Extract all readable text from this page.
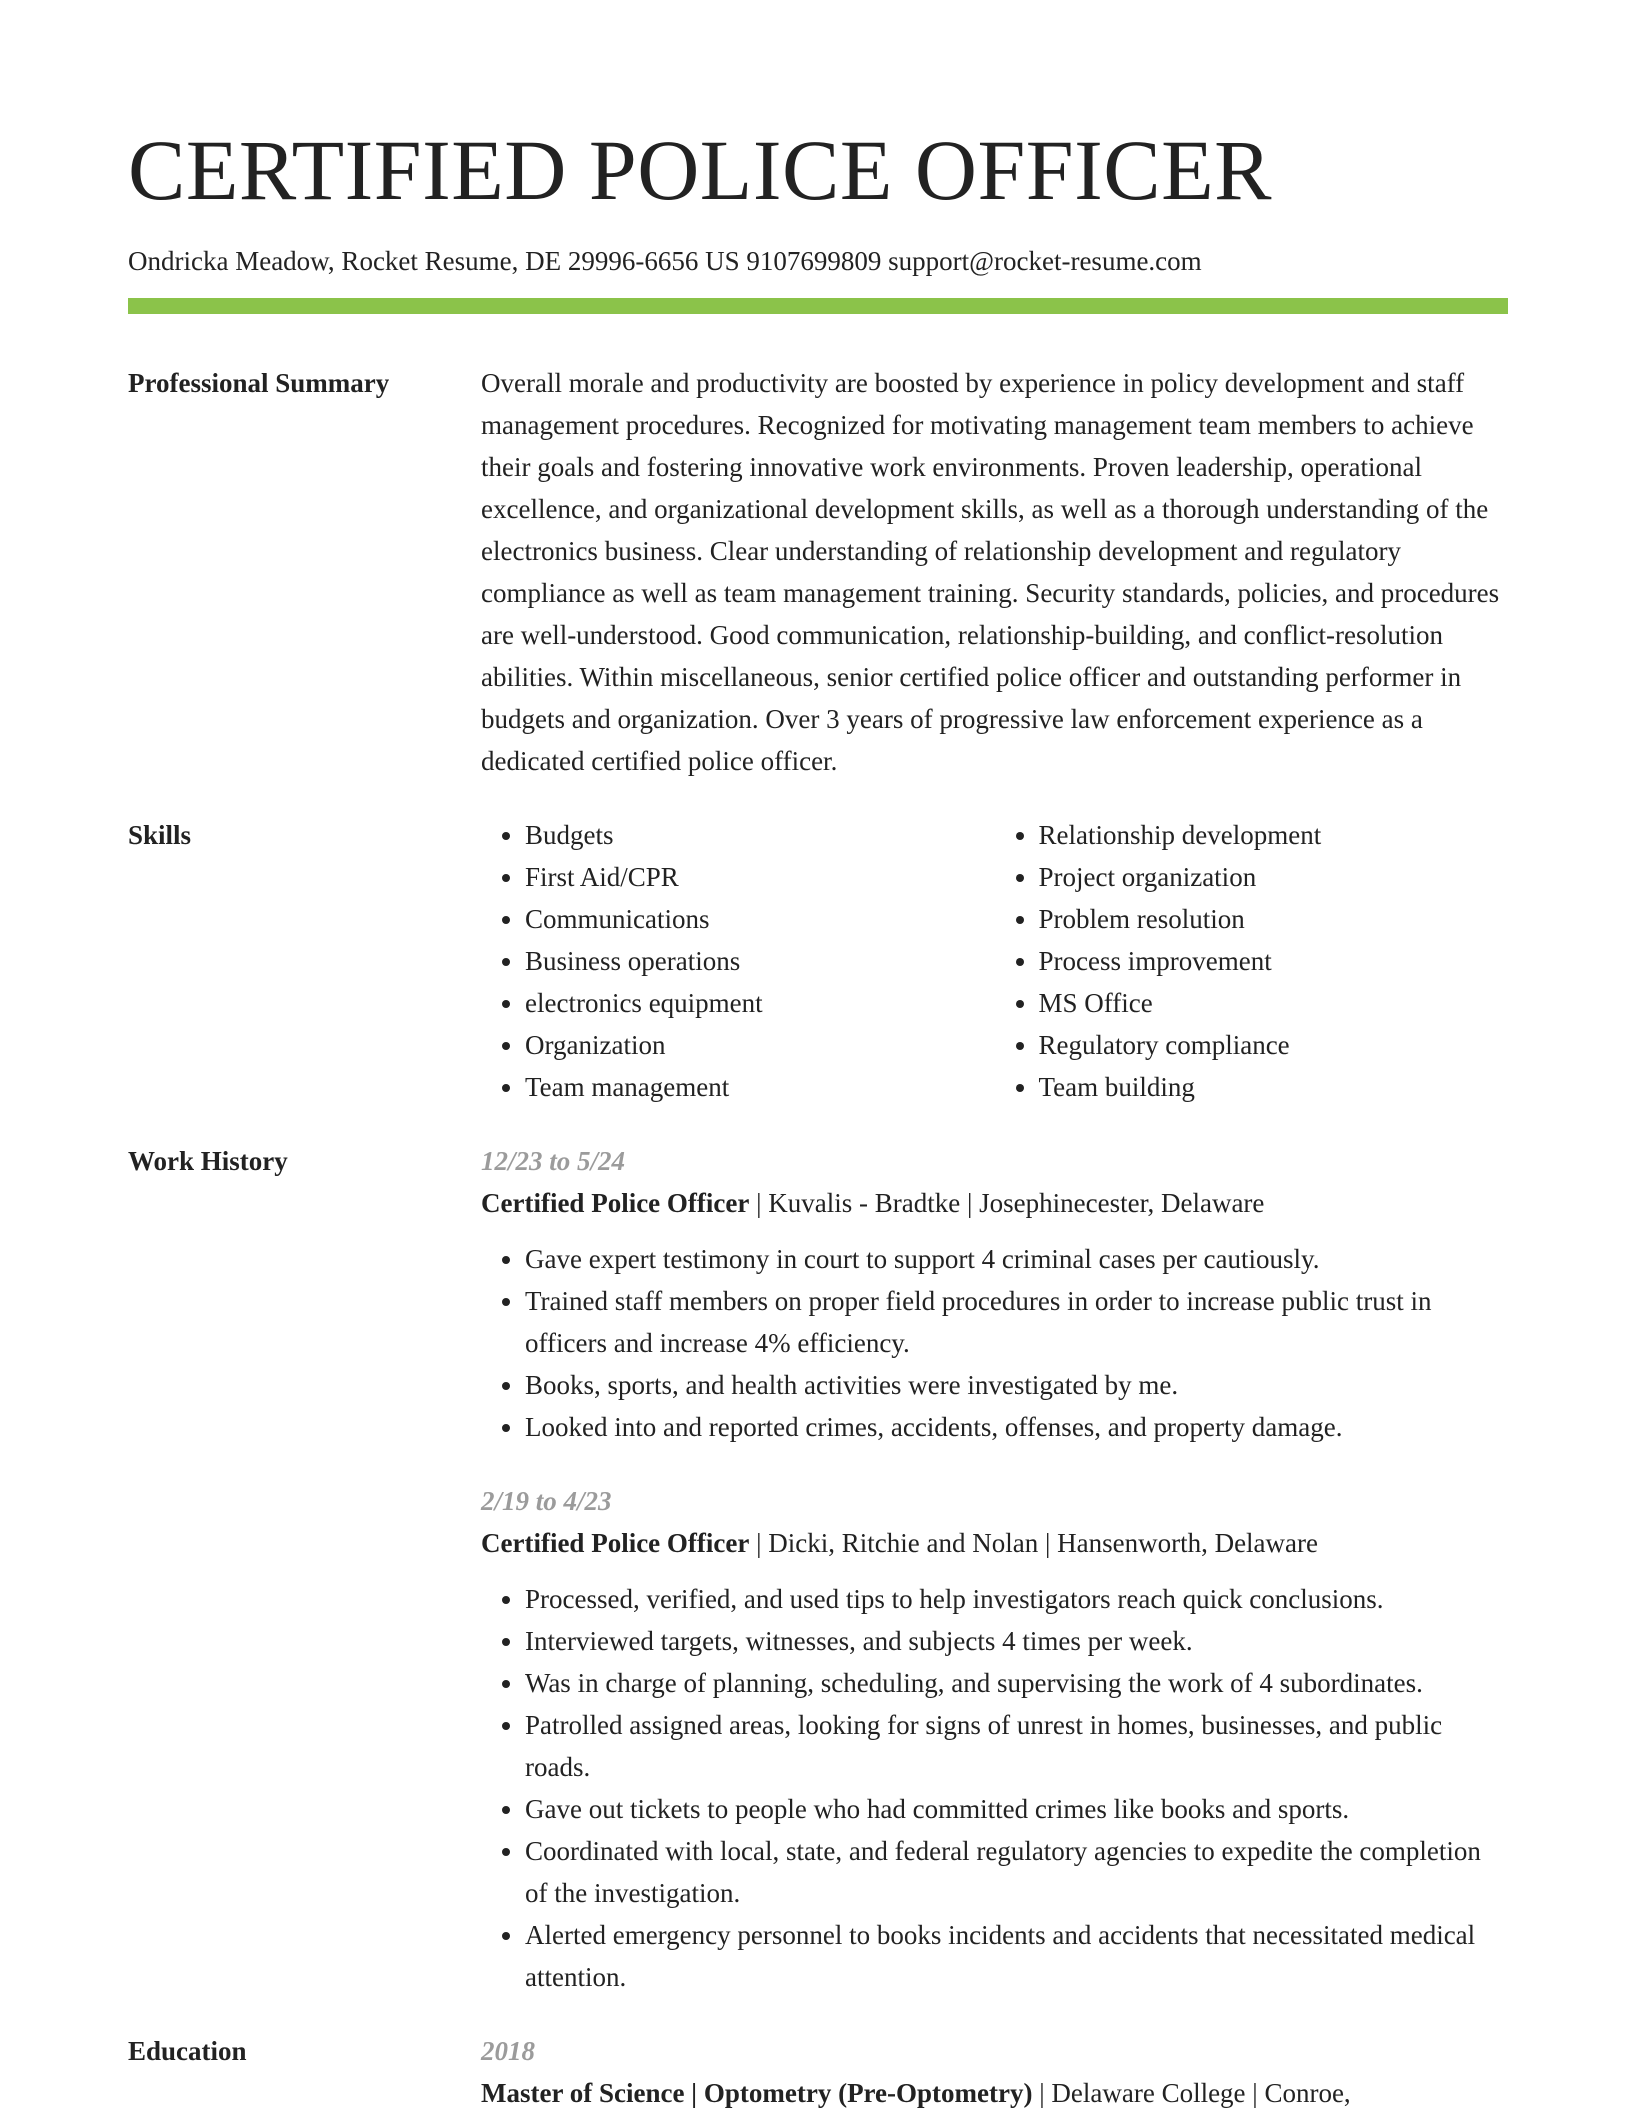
CERTIFIED POLICE OFFICER
Ondricka Meadow, Rocket Resume, DE 29996-6656 US 9107699809 support@rocket-resume.com
Professional Summary	Overall morale and productivity are boosted by experience in policy development and staff management procedures. Recognized for motivating management team members to achieve their goals and fostering innovative work environments. Proven leadership, operational excellence, and organizational development skills, as well as a thorough understanding of the electronics business. Clear understanding of relationship development and regulatory compliance as well as team management training. Security standards, policies, and procedures are well-understood. Good communication, relationship-building, and conflict-resolution abilities. Within miscellaneous, senior certified police officer and outstanding performer in budgets and organization. Over 3 years of progressive law enforcement experience as a dedicated certified police officer.
Skills
•	Budgets
• First Aid/CPR
• Communications
• Business operations
• electronics equipment
• Organization
• Team management
• Relationship development
• Project organization
• Problem resolution
• Process improvement
• MS Office
• Regulatory compliance
• Team building
Work History	12/23 to 5/24
Certified Police Officer | Kuvalis - Bradtke | Josephinecester, Delaware
• Gave expert testimony in court to support 4 criminal cases per cautiously.
• Trained staff members on proper field procedures in order to increase public trust in officers and increase 4% efficiency.
• Books, sports, and health activities were investigated by me.
• Looked into and reported crimes, accidents, offenses, and property damage.
2/19 to 4/23
Certified Police Officer | Dicki, Ritchie and Nolan | Hansenworth, Delaware
• Processed, verified, and used tips to help investigators reach quick conclusions.
• Interviewed targets, witnesses, and subjects 4 times per week.
• Was in charge of planning, scheduling, and supervising the work of 4 subordinates.
• Patrolled assigned areas, looking for signs of unrest in homes, businesses, and public roads.
• Gave out tickets to people who had committed crimes like books and sports.
• Coordinated with local, state, and federal regulatory agencies to expedite the completion of the investigation.
• Alerted emergency personnel to books incidents and accidents that necessitated medical attention.
Education	2018
Master of Science | Optometry (Pre-Optometry) | Delaware College | Conroe,
